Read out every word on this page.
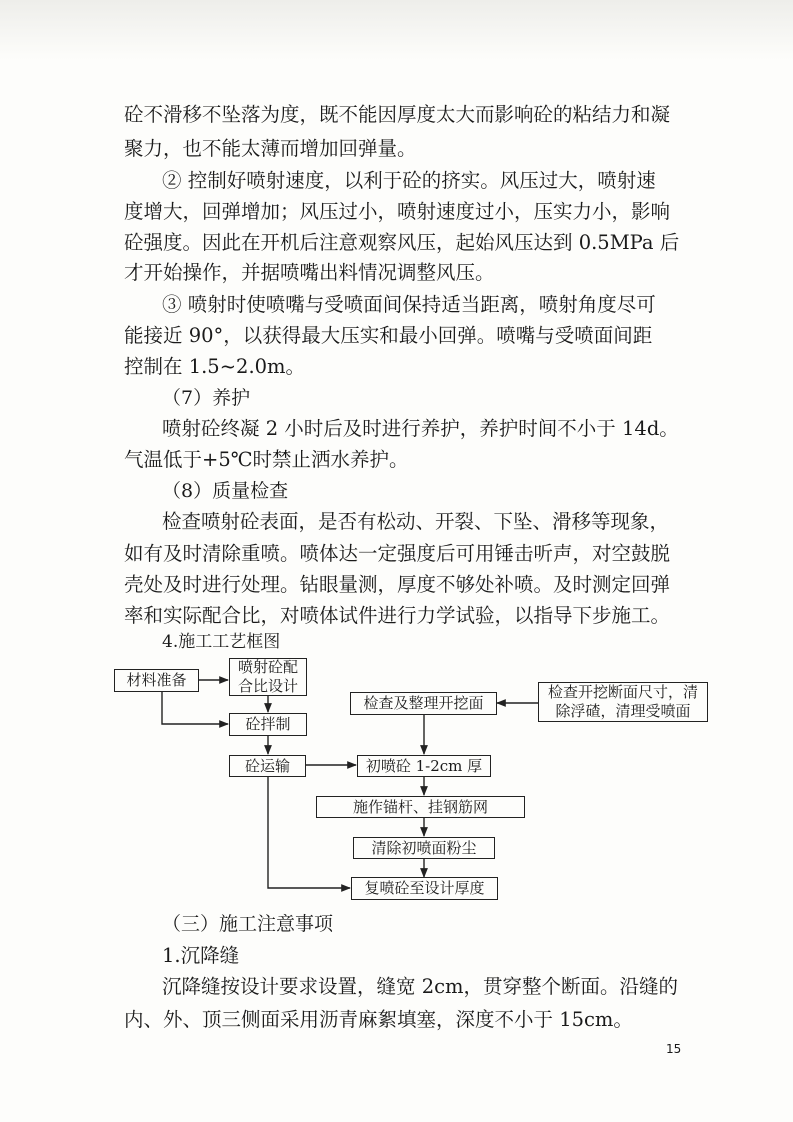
砼不滑移不坠落为度，既不能因厚度太大而影响砼的粘结力和凝

聚力，也不能太薄而增加回弹量。

② 控制好喷射速度，以利于砼的挤实。风压过大，喷射速

度增大，回弹增加；风压过小，喷射速度过小，压实力小，影响

砼强度。因此在开机后注意观察风压，起始风压达到 0.5MPa 后

才开始操作，并据喷嘴出料情况调整风压。

③ 喷射时使喷嘴与受喷面间保持适当距离，喷射角度尽可

能接近 90°，以获得最大压实和最小回弹。喷嘴与受喷面间距

控制在 1.5~2.0m。

（7）养护

喷射砼终凝 2 小时后及时进行养护，养护时间不小于 14d。

气温低于+5℃时禁止洒水养护。

（8）质量检查

检查喷射砼表面，是否有松动、开裂、下坠、滑移等现象，

如有及时清除重喷。喷体达一定强度后可用锤击听声，对空鼓脱

壳处及时进行处理。钻眼量测，厚度不够处补喷。及时测定回弹

率和实际配合比，对喷体试件进行力学试验，以指导下步施工。

4.施工工艺框图

材料准备
喷射砼配
合比设计
砼拌制
砼运输
检查及整理开挖面
检查开挖断面尺寸，清
除浮碴，清理受喷面
初喷砼 1-2cm 厚
施作锚杆、挂钢筋网
清除初喷面粉尘
复喷砼至设计厚度

（三）施工注意事项

1.沉降缝

沉降缝按设计要求设置，缝宽 2cm，贯穿整个断面。沿缝的

内、外、顶三侧面采用沥青麻絮填塞，深度不小于 15cm。

15
